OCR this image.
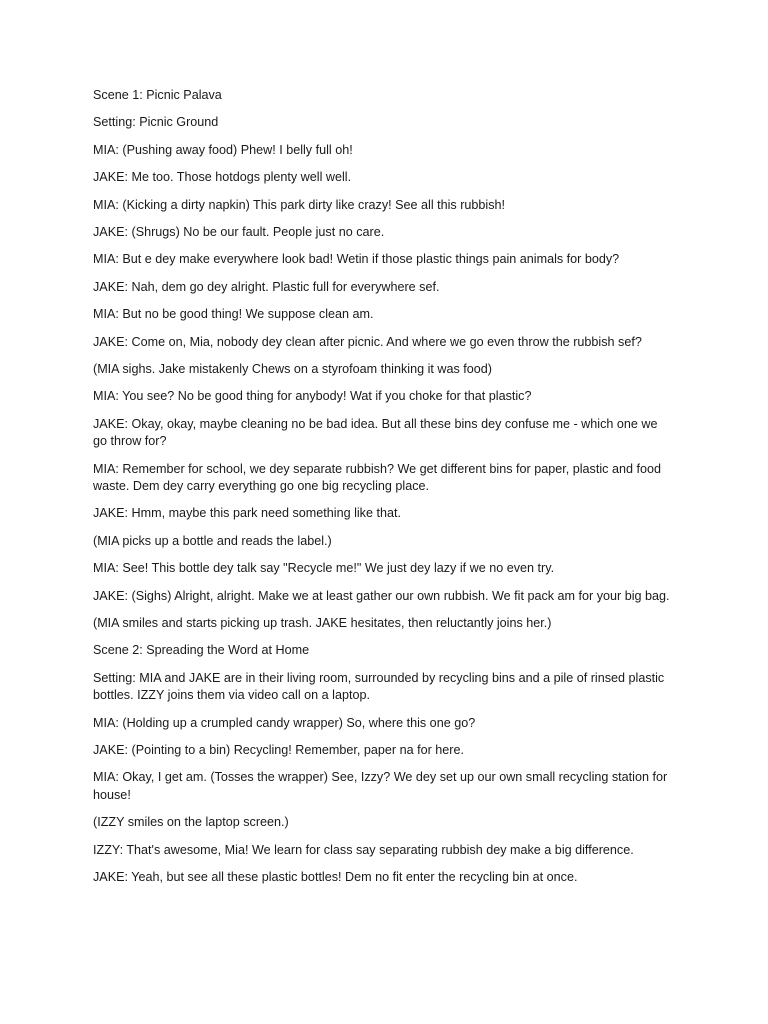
Scene 1: Picnic Palava

Setting: Picnic Ground

MIA: (Pushing away food) Phew! I belly full oh!

JAKE: Me too. Those hotdogs plenty well well.

MIA: (Kicking a dirty napkin) This park dirty like crazy! See all this rubbish!

JAKE: (Shrugs) No be our fault. People just no care.

MIA: But e dey make everywhere look bad! Wetin if those plastic things pain animals for body?

JAKE: Nah, dem go dey alright. Plastic full for everywhere sef.

MIA: But no be good thing! We suppose clean am.

JAKE: Come on, Mia, nobody dey clean after picnic. And where we go even throw the rubbish sef?

(MIA sighs. Jake mistakenly Chews on a styrofoam thinking it was food)

MIA: You see? No be good thing for anybody! Wat if you choke for that plastic?

JAKE: Okay, okay, maybe cleaning no be bad idea. But all these bins dey confuse me - which one we go throw for?

MIA: Remember for school, we dey separate rubbish? We get different bins for paper, plastic and food waste. Dem dey carry everything go one big recycling place.

JAKE: Hmm, maybe this park need something like that.

(MIA picks up a bottle and reads the label.)

MIA: See! This bottle dey talk say "Recycle me!" We just dey lazy if we no even try.

JAKE: (Sighs) Alright, alright. Make we at least gather our own rubbish. We fit pack am for your big bag.

(MIA smiles and starts picking up trash. JAKE hesitates, then reluctantly joins her.)

Scene 2: Spreading the Word at Home

Setting: MIA and JAKE are in their living room, surrounded by recycling bins and a pile of rinsed plastic bottles. IZZY joins them via video call on a laptop.

MIA: (Holding up a crumpled candy wrapper) So, where this one go?

JAKE: (Pointing to a bin) Recycling! Remember, paper na for here.

MIA: Okay, I get am. (Tosses the wrapper) See, Izzy? We dey set up our own small recycling station for house!

(IZZY smiles on the laptop screen.)

IZZY: That's awesome, Mia! We learn for class say separating rubbish dey make a big difference.

JAKE: Yeah, but see all these plastic bottles! Dem no fit enter the recycling bin at once.
